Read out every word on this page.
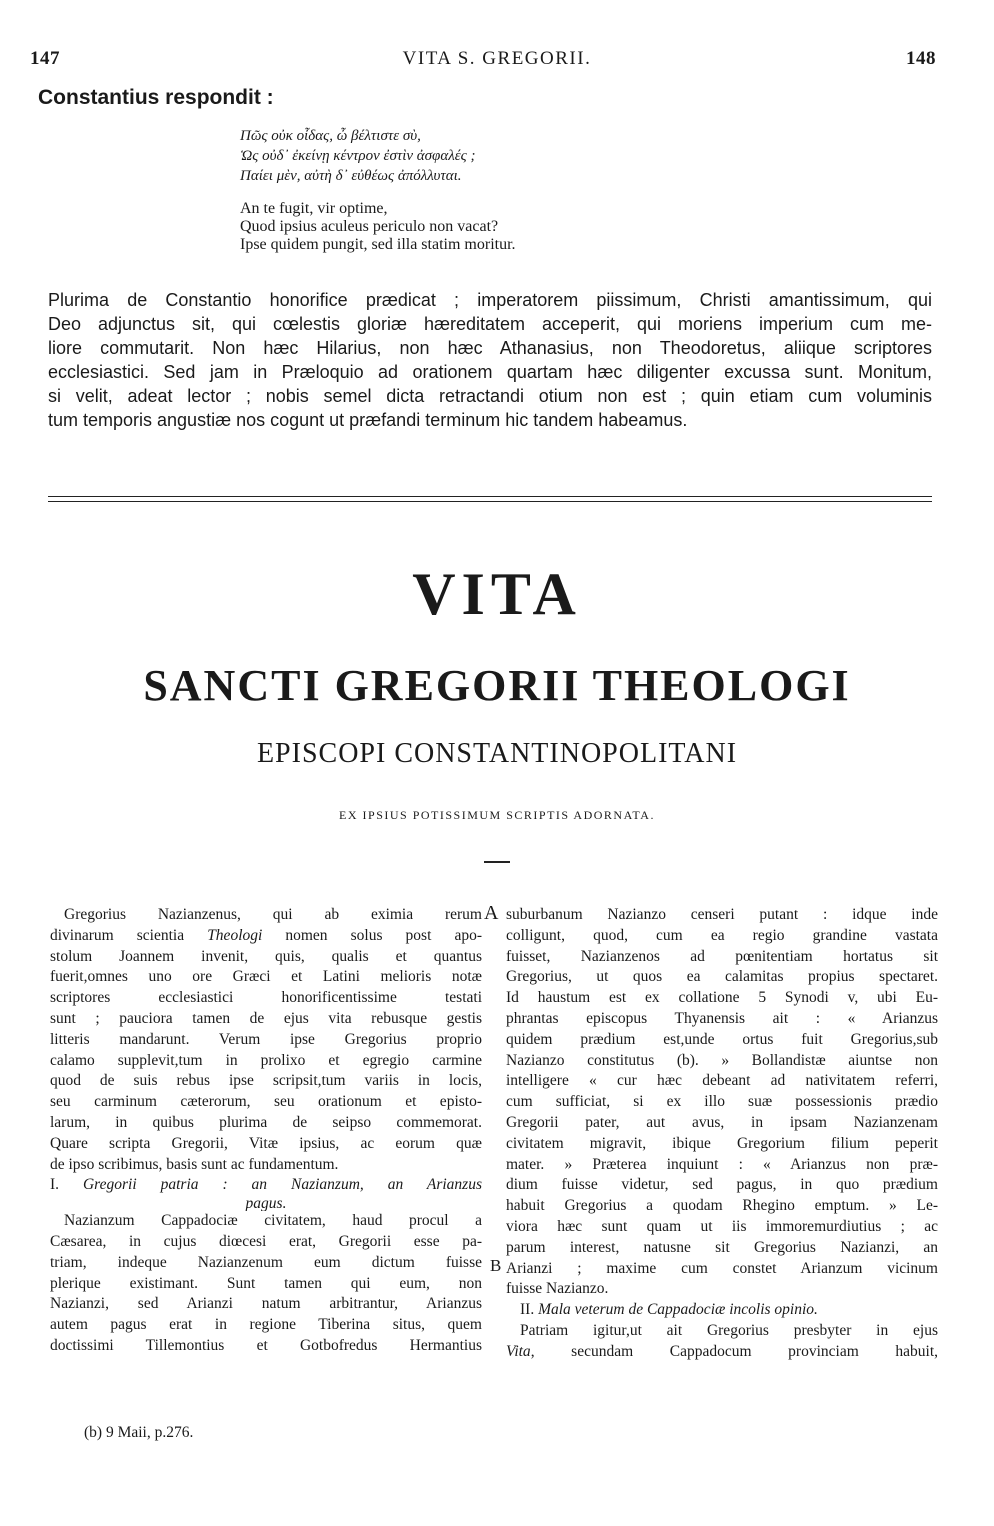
147	VITA S. GREGORII.	148
Constantius respondit :
Πῶς οὐκ οἶδας, ὦ βέλτιστε σὺ,
Ὡς οὐδ᾽ ἐκείνῃ κέντρον ἐστὶν ἀσφαλές ;
Παίει μὲν, αὐτὴ δ᾽ εὐθέως ἀπόλλυται.
An te fugit, vir optime,
Quod ipsius aculeus periculo non vacat?
Ipse quidem pungit, sed illa statim moritur.
Plurima de Constantio honorifice prædicat ; imperatorem piissimum, Christi amantissimum, qui
Deo adjunctus sit, qui cœlestis gloriæ hæreditatem acceperit, qui moriens imperium cum me-
liore commutarit. Non hæc Hilarius, non hæc Athanasius, non Theodoretus, aliique scriptores
ecclesiastici. Sed jam in Præloquio ad orationem quartam hæc diligenter excussa sunt. Monitum,
si velit, adeat lector ; nobis semel dicta retractandi otium non est ; quin etiam cum voluminis
tum temporis angustiæ nos cogunt ut præfandi terminum hic tandem habeamus.
VITA
SANCTI GREGORII THEOLOGI
EPISCOPI CONSTANTINOPOLITANI
EX IPSIUS POTISSIMUM SCRIPTIS ADORNATA.
A
B
Gregorius Nazianzenus, qui ab eximia rerum
divinarum scientia Theologi nomen solus post apo-
stolum Joannem invenit, quis, qualis et quantus
fuerit,omnes uno ore Græci et Latini melioris notæ
scriptores ecclesiastici honorificentissime testati
sunt ; pauciora tamen de ejus vita rebusque gestis
litteris mandarunt. Verum ipse Gregorius proprio
calamo supplevit,tum in prolixo et egregio carmine
quod de suis rebus ipse scripsit,tum variis in locis,
seu carminum cæterorum, seu orationum et episto-
larum, in quibus plurima de seipso commemorat.
Quare scripta Gregorii, Vitæ ipsius, ac eorum quæ
de ipso scribimus, basis sunt ac fundamentum.
I. Gregorii patria : an Nazianzum, an Arianzus
pagus.
Nazianzum Cappadociæ civitatem, haud procul a
Cæsarea, in cujus diœcesi erat, Gregorii esse pa-
triam, indeque Nazianzenum eum dictum fuisse
plerique existimant. Sunt tamen qui eum, non
Nazianzi, sed Arianzi natum arbitrantur, Arianzus
autem pagus erat in regione Tiberina situs, quem
doctissimi Tillemontius et Gotbofredus Hermantius
suburbanum Nazianzo censeri putant : idque inde
colligunt, quod, cum ea regio grandine vastata
fuisset, Nazianzenos ad pœnitentiam hortatus sit
Gregorius, ut quos ea calamitas propius spectaret.
Id haustum est ex collatione 5 Synodi v, ubi Eu-
phrantas episcopus Thyanensis ait : « Arianzus
quidem prædium est,unde ortus fuit Gregorius,sub
Nazianzo constitutus (b). » Bollandistæ aiuntse non
intelligere « cur hæc debeant ad nativitatem referri,
cum sufficiat, si ex illo suæ possessionis prædio
Gregorii pater, aut avus, in ipsam Nazianzenam
civitatem migravit, ibique Gregorium filium peperit
mater. » Præterea inquiunt : « Arianzus non præ-
dium fuisse videtur, sed pagus, in quo prædium
habuit Gregorius a quodam Rhegino emptum. » Le-
viora hæc sunt quam ut iis immoremurdiutius ; ac
parum interest, natusne sit Gregorius Nazianzi, an
Arianzi ; maxime cum constet Arianzum vicinum
fuisse Nazianzo.
II. Mala veterum de Cappadociæ incolis opinio.
Patriam igitur,ut ait Gregorius presbyter in ejus
Vita, secundam Cappadocum provinciam habuit,
(b) 9 Maii, p.276.
